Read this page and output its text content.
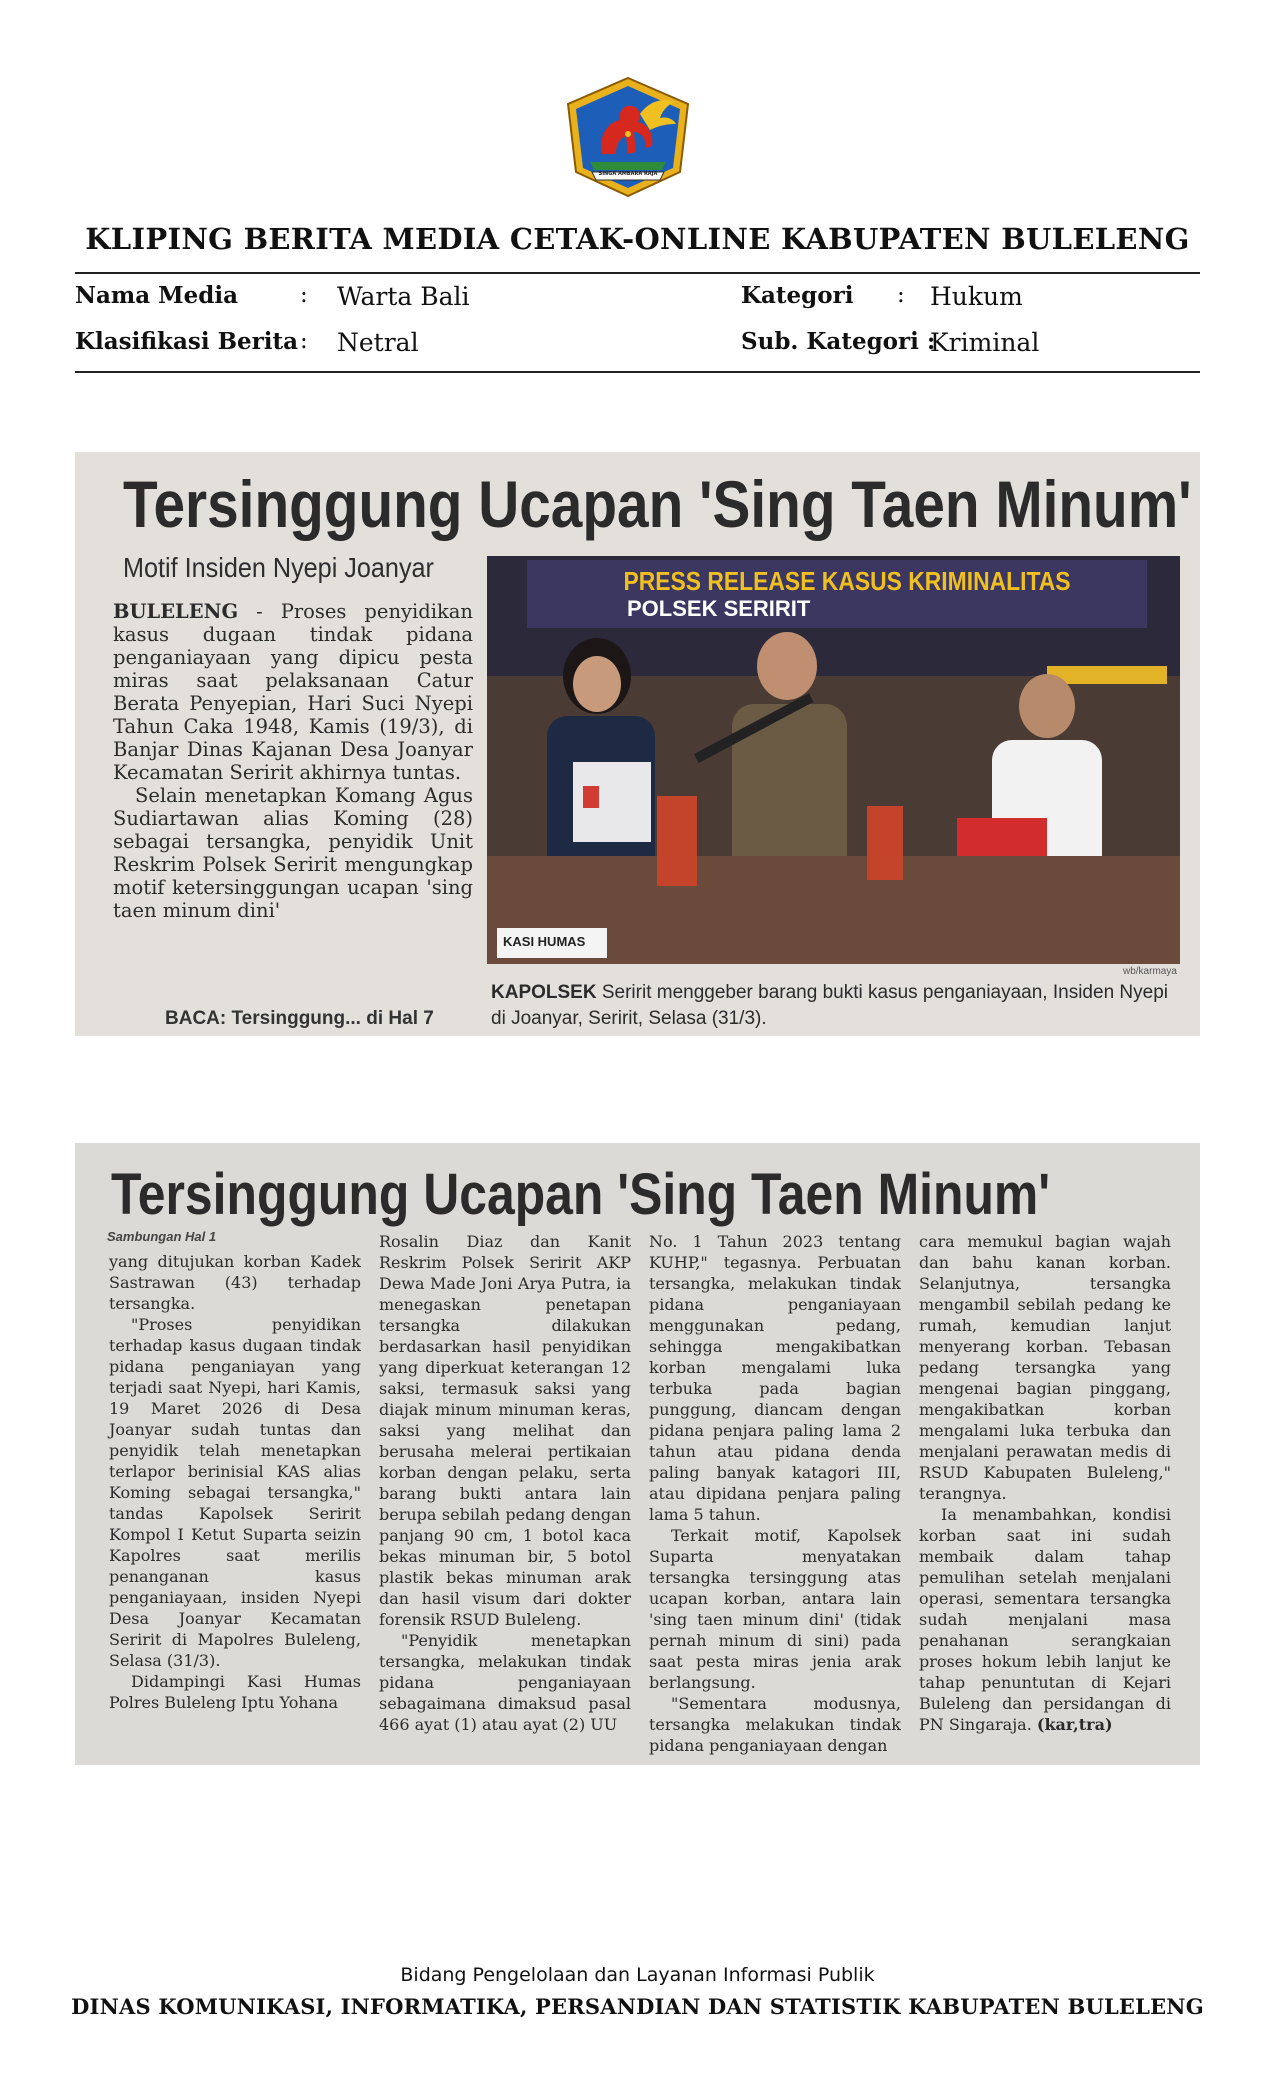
SINGA AMBARA RAJA
KLIPING BERITA MEDIA CETAK-ONLINE KABUPATEN BULELENG
Nama Media	: Warta Bali
Klasifikasi Berita : Netral
Kategori : Hukum
Sub. Kategori :
Kriminal
Tersinggung Ucapan 'Sing Taen Minum'
Motif Insiden Nyepi Joanyar

BULELENG - Proses penyidikan kasus dugaan tindak pidana penganiayaan yang dipicu pesta miras saat pelaksanaan Catur Berata Penyepian, Hari Suci Nyepi Tahun Caka 1948, Kamis (19/3), di Banjar Dinas Kajanan Desa Joanyar Kecamatan Seririt akhirnya tuntas.

Selain menetapkan Komang Agus Sudiartawan alias Koming (28) sebagai tersangka, penyidik Unit Reskrim Polsek Seririt mengungkap motif ketersinggungan ucapan 'sing taen minum dini'

BACA: Tersinggung... di Hal 7
PRESS RELEASE KASUS KRIMINALITAS
POLSEK SERIRIT
KASI HUMAS
wb/karmaya
KAPOLSEK Seririt menggeber barang bukti kasus penganiayaan, Insiden Nyepi di Joanyar, Seririt, Selasa (31/3).
Tersinggung Ucapan 'Sing Taen Minum'
Sambungan Hal 1

yang ditujukan korban Kadek Sastrawan (43) terhadap tersangka.

"Proses penyidikan terhadap kasus dugaan tindak pidana penganiayan yang terjadi saat Nyepi, hari Kamis, 19 Maret 2026 di Desa Joanyar sudah tuntas dan penyidik telah menetapkan terlapor berinisial KAS alias Koming sebagai tersangka," tandas Kapolsek Seririt Kompol I Ketut Suparta seizin Kapolres saat merilis penanganan kasus penganiayaan, insiden Nyepi Desa Joanyar Kecamatan Seririt di Mapolres Buleleng, Selasa (31/3).

Didampingi Kasi Humas Polres Buleleng Iptu Yohana

Rosalin Diaz dan Kanit Reskrim Polsek Seririt AKP Dewa Made Joni Arya Putra, ia menegaskan penetapan tersangka dilakukan berdasarkan hasil penyidikan yang diperkuat keterangan 12 saksi, termasuk saksi yang diajak minum minuman keras, saksi yang melihat dan berusaha melerai pertikaian korban dengan pelaku, serta barang bukti antara lain berupa sebilah pedang dengan panjang 90 cm, 1 botol kaca bekas minuman bir, 5 botol plastik bekas minuman arak dan hasil visum dari dokter forensik RSUD Buleleng.

"Penyidik menetapkan tersangka, melakukan tindak pidana penganiayaan sebagaimana dimaksud pasal 466 ayat (1) atau ayat (2) UU

No. 1 Tahun 2023 tentang KUHP," tegasnya. Perbuatan tersangka, melakukan tindak pidana penganiayaan menggunakan pedang, sehingga mengakibatkan korban mengalami luka terbuka pada bagian punggung, diancam dengan pidana penjara paling lama 2 tahun atau pidana denda paling banyak katagori III, atau dipidana penjara paling lama 5 tahun.

Terkait motif, Kapolsek Suparta menyatakan tersangka tersinggung atas ucapan korban, antara lain 'sing taen minum dini' (tidak pernah minum di sini) pada saat pesta miras jenia arak berlangsung.

"Sementara modusnya, tersangka melakukan tindak pidana penganiayaan dengan

cara memukul bagian wajah dan bahu kanan korban. Selanjutnya, tersangka mengambil sebilah pedang ke rumah, kemudian lanjut menyerang korban. Tebasan pedang tersangka yang mengenai bagian pinggang, mengakibatkan korban mengalami luka terbuka dan menjalani perawatan medis di RSUD Kabupaten Buleleng," terangnya.

Ia menambahkan, kondisi korban saat ini sudah membaik dalam tahap pemulihan setelah menjalani operasi, sementara tersangka sudah menjalani masa penahanan serangkaian proses hokum lebih lanjut ke tahap penuntutan di Kejari Buleleng dan persidangan di PN Singaraja. (kar,tra)

Bidang Pengelolaan dan Layanan Informasi Publik
DINAS KOMUNIKASI, INFORMATIKA, PERSANDIAN DAN STATISTIK KABUPATEN BULELENG
